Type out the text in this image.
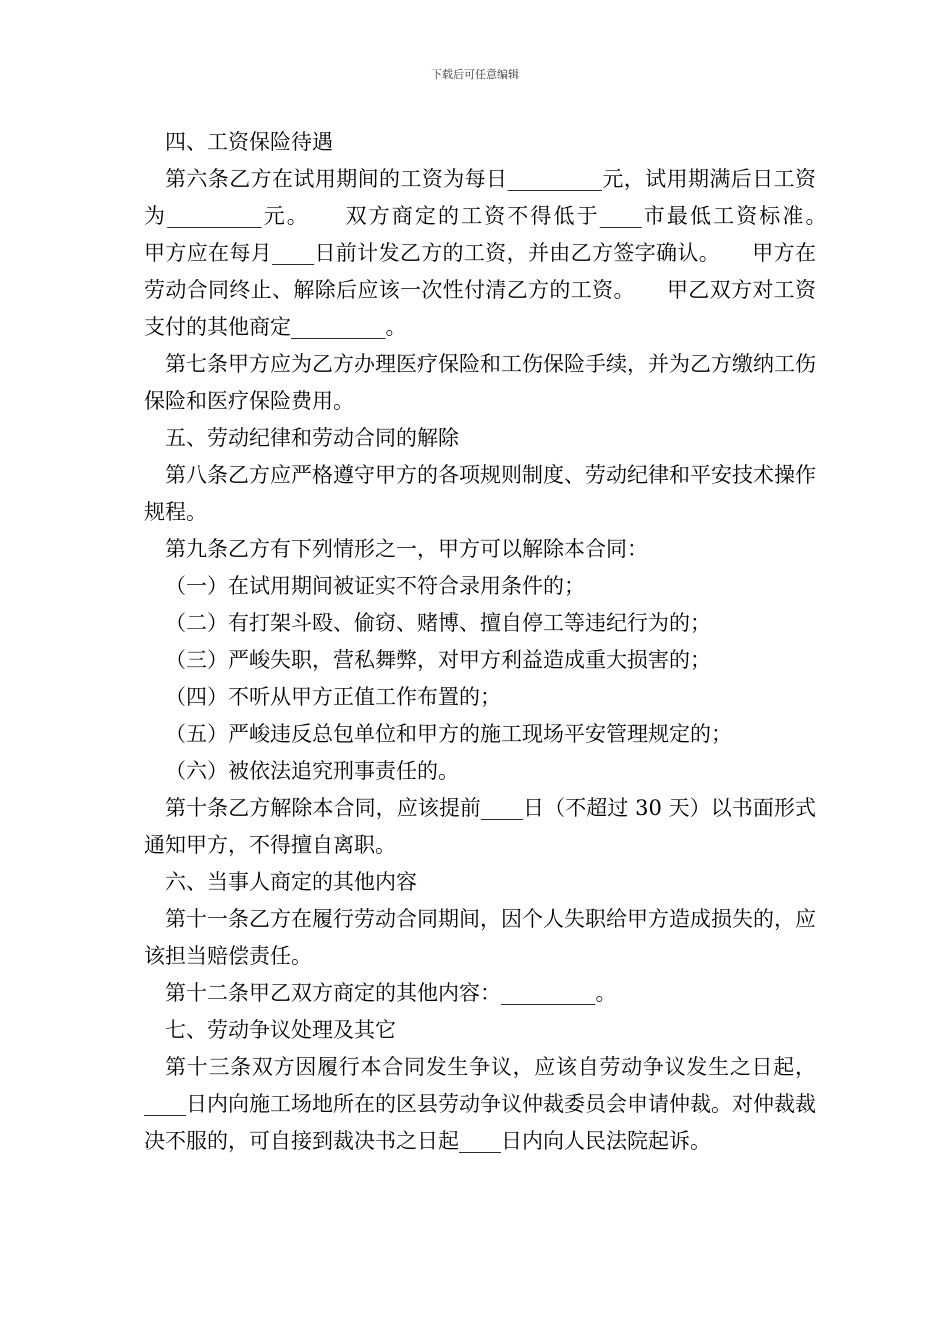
下载后可任意编辑

四、工资保险待遇

第六条乙方在试用期间的工资为每日_________元，试用期满后日工资为_________元。　　双方商定的工资不得低于____市最低工资标准。　　甲方应在每月____日前计发乙方的工资，并由乙方签字确认。　　甲方在劳动合同终止、解除后应该一次性付清乙方的工资。　　甲乙双方对工资支付的其他商定_________。

第七条甲方应为乙方办理医疗保险和工伤保险手续，并为乙方缴纳工伤保险和医疗保险费用。

五、劳动纪律和劳动合同的解除

第八条乙方应严格遵守甲方的各项规则制度、劳动纪律和平安技术操作规程。

第九条乙方有下列情形之一，甲方可以解除本合同：

（一）在试用期间被证实不符合录用条件的；

（二）有打架斗殴、偷窃、赌博、擅自停工等违纪行为的；

（三）严峻失职，营私舞弊，对甲方利益造成重大损害的；

（四）不听从甲方正值工作布置的；

（五）严峻违反总包单位和甲方的施工现场平安管理规定的；

（六）被依法追究刑事责任的。

第十条乙方解除本合同，应该提前____日（不超过 30 天）以书面形式通知甲方，不得擅自离职。

六、当事人商定的其他内容

第十一条乙方在履行劳动合同期间，因个人失职给甲方造成损失的，应该担当赔偿责任。

第十二条甲乙双方商定的其他内容：_________。

七、劳动争议处理及其它

第十三条双方因履行本合同发生争议，应该自劳动争议发生之日起，____日内向施工场地所在的区县劳动争议仲裁委员会申请仲裁。对仲裁裁决不服的，可自接到裁决书之日起____日内向人民法院起诉。
